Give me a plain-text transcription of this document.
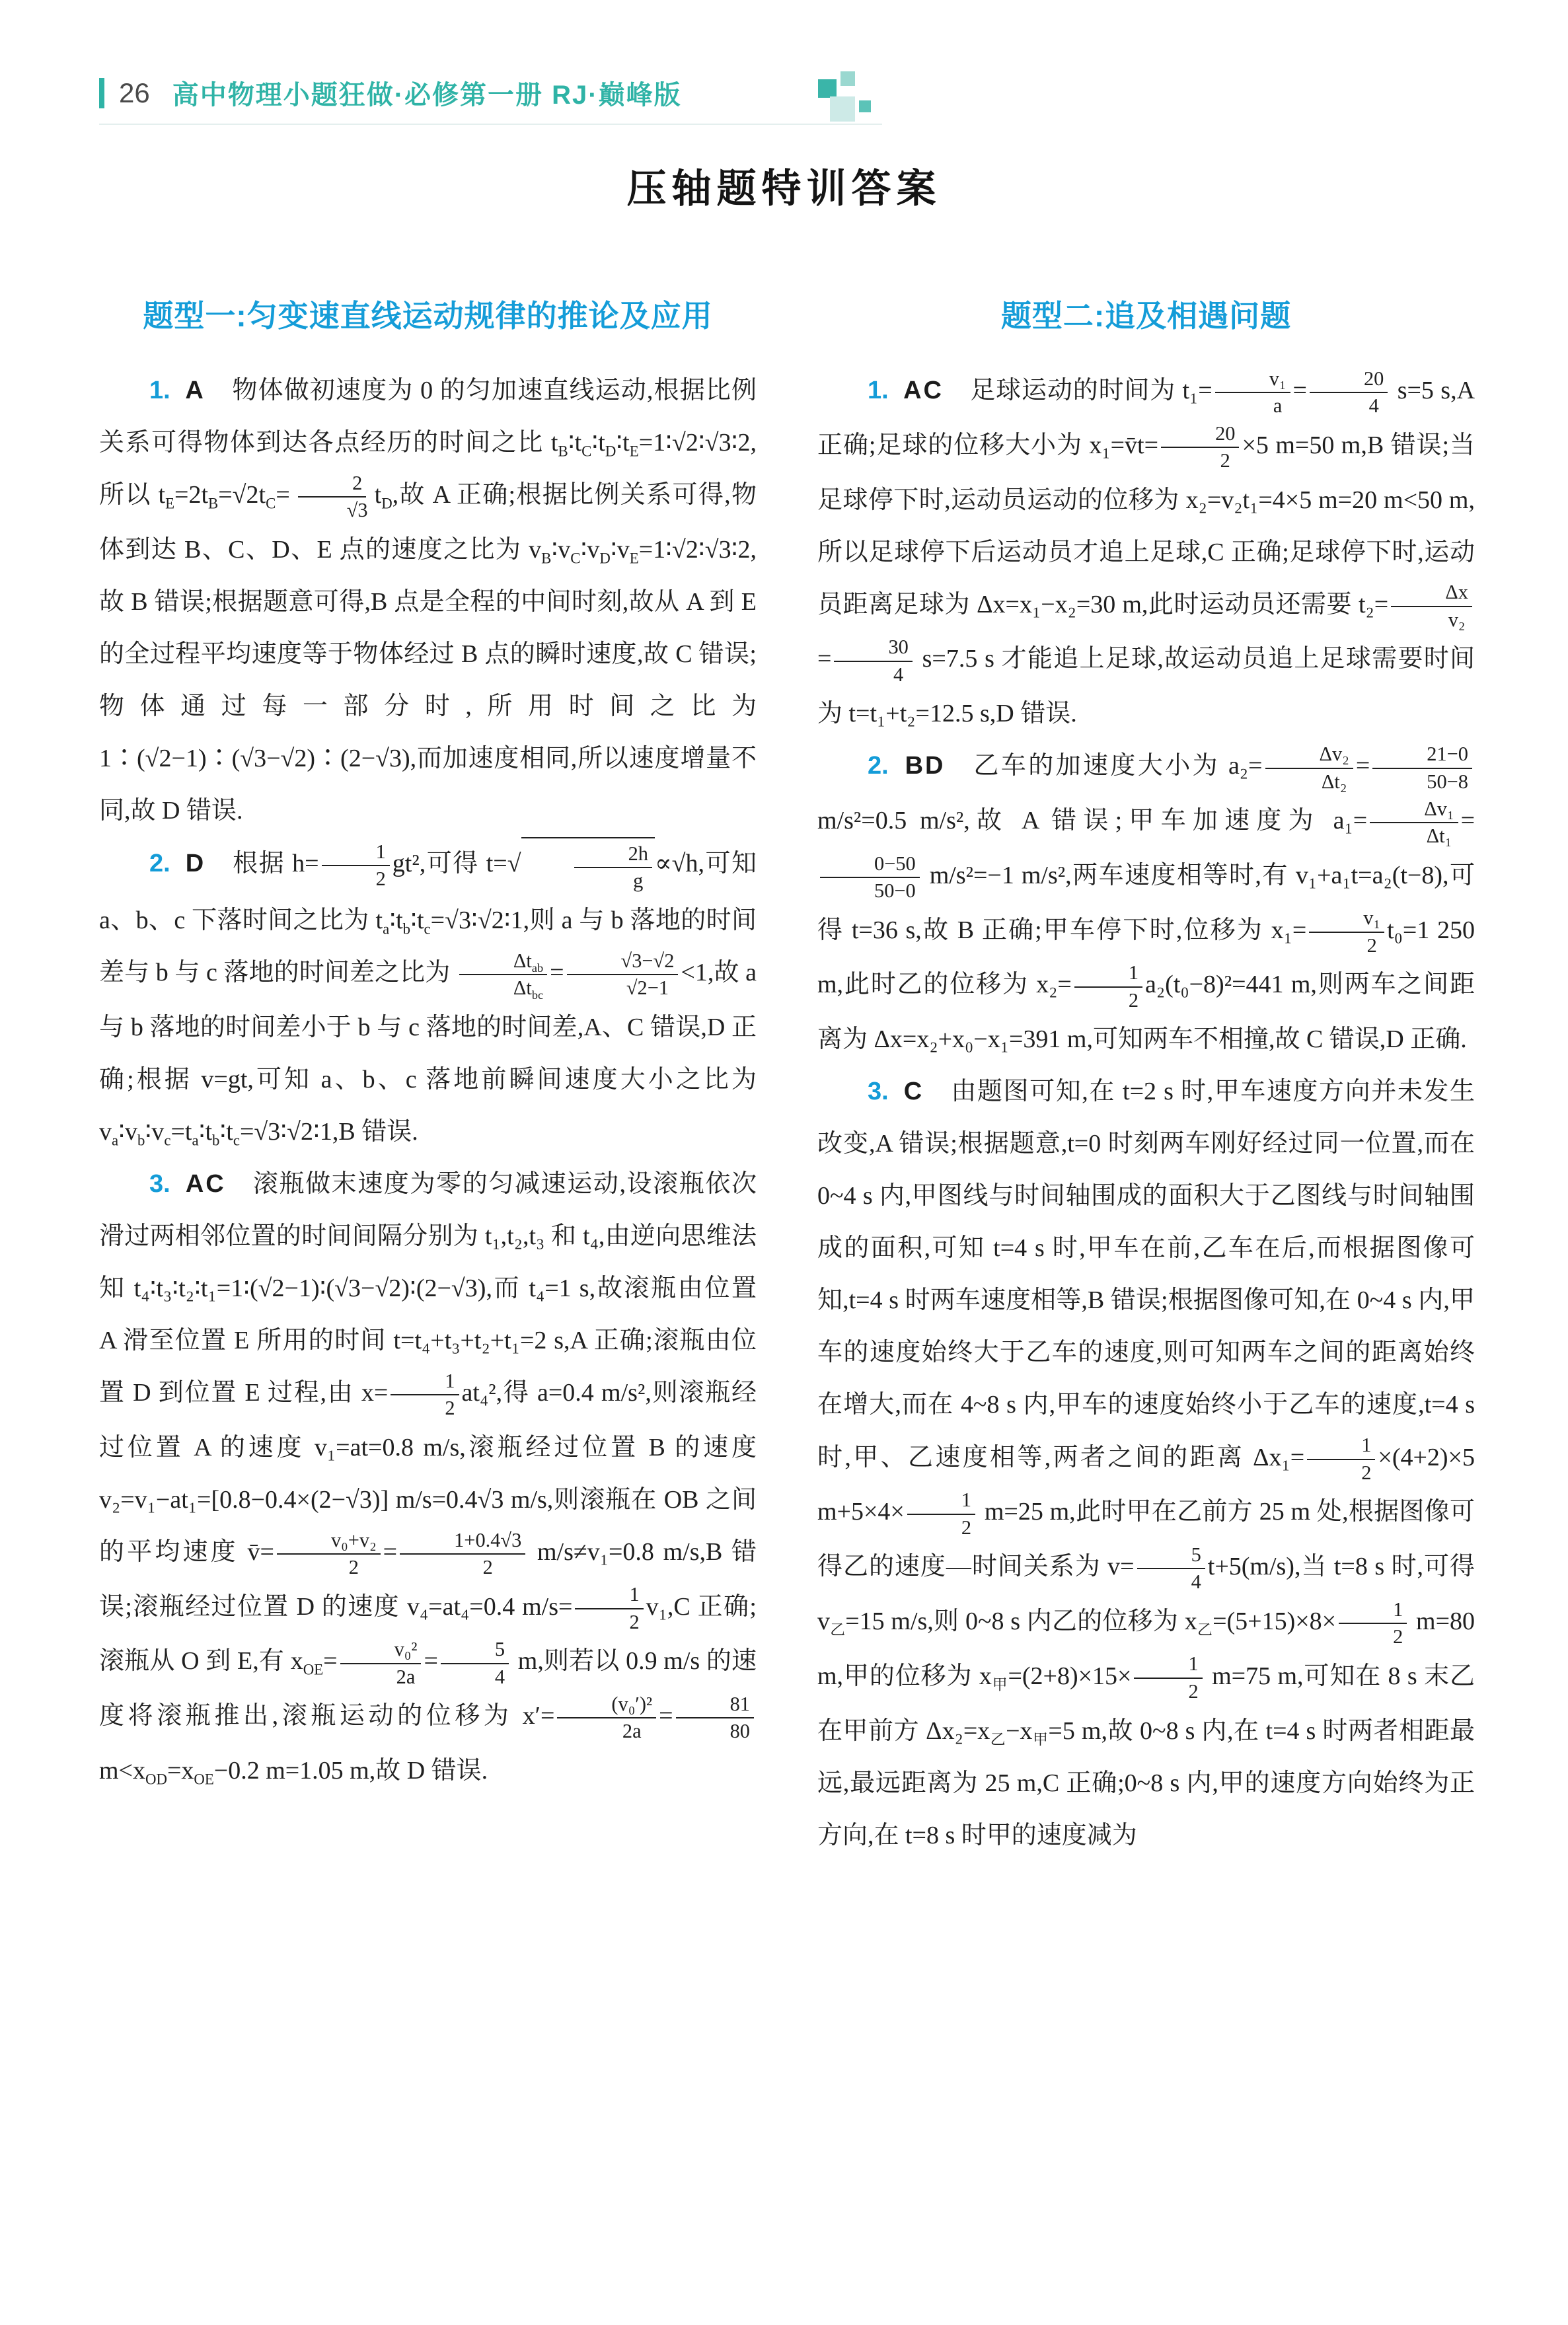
26 高中物理小题狂做·必修第一册 RJ·巅峰版
压轴题特训答案
题型一:匀变速直线运动规律的推论及应用

1. A 物体做初速度为 0 的匀加速直线运动,根据比例关系可得物体到达各点经历的时间之比 $t_B∶t_C∶t_D∶t_E=1∶√2∶√3∶2$,所以 $t_E=2t_B=√2t_C= \frac{2}{√3} t_D$,故 A 正确;根据比例关系可得,物体到达 B、C、D、E 点的速度之比为 $v_B∶v_C∶v_D∶v_E=1∶√2∶√3∶2$,故 B 错误;根据题意可得,B 点是全程的中间时刻,故从 A 到 E 的全过程平均速度等于物体经过 B 点的瞬时速度,故 C 错误;物体通过每一部分时,所用时间之比为 1∶(√2−1)∶(√3−√2)∶(2−√3),而加速度相同,所以速度增量不同,故 D 错误.

2. D 根据 $h= \frac{1}{2} gt^2$,可得 t=√	$\frac{2h}{g} \propto√h$,可知 a、b、c 下落时间之比为 $t_a∶t_b∶t_c=√3∶√2∶1$,则 a 与 b 落地的时间差与 b 与 c 落地的时间差之比为	$\Delta t_{ab}$
$\Delta t_{bc}$
= $\frac{√3-√2}{√2-1} <1$,故 a 与 b 落地的时间差小于 b 与 c 落地的时间差,A、C 错误,D 正确;根据 v=gt,可知 a、b、c 落地前瞬间速度大小之比为 $v_a∶v_b∶v_c=t_a∶t_b∶t_c=√3∶√2∶1,B$ 错误.

3. AC 滚瓶做末速度为零的匀减速运动,设滚瓶依次滑过两相邻位置的时间间隔分别为 t₁,t₂,t₃ 和 t₄,由逆向思维法知 t₄∶t₃∶t₂∶t₁=1∶(√2−1)∶(√3−√2)∶(2−√3),而 t₄=1 s,故滚瓶由位置 A 滑至位置 E 所用的时间 t=t₄+t₃+t₂+t₁=2 s,A 正确;滚瓶由位置 D 到位置 E 过程,由 $x= \frac{1}{2} at_4^2$,得 a=0.4 m/s²,则滚瓶经过位置 A 的速度 v₁=at=0.8 m/s,滚瓶经过位置 B 的速度 v₂=v₁−at₁=[0.8−0.4×(2−√3)] m/s=0.4√3 m/s,则滚瓶在 OB 之间的平均速度 v̄= $\frac{\text{v₀+v₂}}{2} = \frac{1+0.4√3}{2} m/s\ne v_1=0.8$ m/s,B 错误;滚瓶经过位置 D 的速度 v₄=at₄=0.4 $m/s= \frac{1}{2} v_1,C$ 正确;滚瓶从 O 到 E,有 $x_{OE}= \frac{\text{v₀²}}{2a} = \frac{5}{4} m$,则若以 0.9 m/s 的速度将滚瓶推出,滚瓶运动的位移为 $x'= \frac{\text{(v₀′)²}}{2a} = \frac{81}{80}$
$m<x_{OD}=x_{OE}-0.2$ m=1.05 m,故 D 错误.

题型二:追及相遇问题

1. AC 足球运动的时间为 $t_1= \frac{\text{v₁}}{a} = \frac{20}{4} s=5$ s,A 正确;足球的位移大小为 x₁=v̄t= $\frac{20}{2} \times 5$ m=50 m,B 错误;当足球停下时,运动员运动的位移为 x₂=v₂t₁=4×5 m=20 m<50 m,所以足球停下后运动员才追上足球,C 正确;足球停下时,运动员距离足球为 Δx=x₁−x₂=30 m,此时运动员还需要 $t_2= \frac{\Delta x}{\text{v₂}}$
= $\frac{30}{4} s=7.5$ s 才能追上足球,故运动员追上足球需要时间为 t=t₁+t₂=12.5 s,D 错误.

2. BD 乙车的加速度大小为 $a_2= \frac{\text{Δv₂}}{\text{Δt₂}} = \frac{21-0}{50-8}$
m/s²=0.5 m/s²,故 A 错误;甲车加速度为 $a_1= \frac{\text{Δv₁}}{\text{Δt₁}}$ =
$\frac{0-50}{50-0} m/s^2=-1$ m/s²,两车速度相等时,有 v₁+a₁t=a₂(t−8),可得 t=36 s,故 B 正确;甲车停下时,位移为 $x_1= \frac{\text{v₁}}{2} t_0=1$ 250 m,此时乙的位移为 $x_2= \frac{1}{2} a_2(t_0-8)^2=441$ m,则两车之间距离为 Δx=x₂+x₀−x₁=391 m,可知两车不相撞,故 C 错误,D 正确.

3. C 由题图可知,在 t=2 s 时,甲车速度方向并未发生改变,A 错误;根据题意,t=0 时刻两车刚好经过同一位置,而在 0~4 s 内,甲图线与时间轴围成的面积大于乙图线与时间轴围成的面积,可知 t=4 s 时,甲车在前,乙车在后,而根据图像可知,t=4 s 时两车速度相等,B 错误;根据图像可知,在 0~4 s 内,甲车的速度始终大于乙车的速度,则可知两车之间的距离始终在增大,而在 4~8 s 内,甲车的速度始终小于乙车的速度,t=4 s 时,甲、乙速度相等,两者之间的距离 $\Delta x_1= \frac{1}{2} \times(4+2)\times 5$ $m+5\times 4\times \frac{1}{2} m=25$ m,此时甲在乙前方 25 m 处,根据图像可得乙的速度—时间关系为 $v= \frac{5}{4} t+5(m/s)$,当 t=8 s 时,可得 $v_乙=15$ m/s,则 0~8 s 内乙的位移为 $x_乙=(5+15)\times 8\times \frac{1}{2} m=80$ m,甲的位移为 $x_甲=(2+8)\times 15\times \frac{1}{2} m=75$ m,可知在 8 s 末乙在甲前方 $\Delta x_2=x_乙-x_甲=5$ m,故 0~8 s 内,在 t=4 s 时两者相距最远,最远距离为 25 m,C 正确;0~8 s 内,甲的速度方向始终为正方向,在 t=8 s 时甲的速度减为
